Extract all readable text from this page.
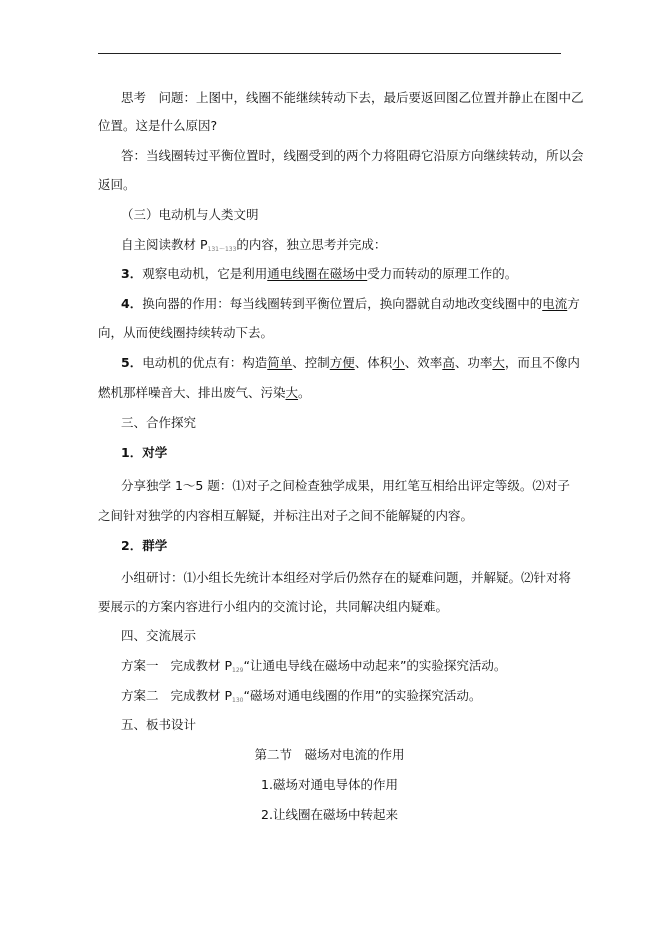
思考　问题：上图中，线圈不能继续转动下去，最后要返回图乙位置并静止在图中乙
位置。这是什么原因?
答：当线圈转过平衡位置时，线圈受到的两个力将阻碍它沿原方向继续转动，所以会
返回。
（三）电动机与人类文明
自主阅读教材 $P_{131\sim 133}$的内容，独立思考并完成：
3．观察电动机，它是利用通电线圈在磁场中受力而转动的原理工作的。
4．换向器的作用：每当线圈转到平衡位置后，换向器就自动地改变线圈中的电流方
向，从而使线圈持续转动下去。
5．电动机的优点有：构造简单、控制方便、体积小、效率高、功率大，而且不像内
燃机那样噪音大、排出废气、污染大。
三、合作探究
1．对学
分享独学 1～5 题：⑴对子之间检查独学成果，用红笔互相给出评定等级。⑵对子
之间针对独学的内容相互解疑，并标注出对子之间不能解疑的内容。
2．群学
小组研讨：⑴小组长先统计本组经对学后仍然存在的疑难问题，并解疑。⑵针对将
要展示的方案内容进行小组内的交流讨论，共同解决组内疑难。
四、交流展示
方案一 完成教材 $P_{129}“$让通电导线在磁场中动起来”的实验探究活动。
方案二 完成教材 $P_{130}“$磁场对通电线圈的作用”的实验探究活动。
五、板书设计
第二节　磁场对电流的作用
1.磁场对通电导体的作用
2.让线圈在磁场中转起来
